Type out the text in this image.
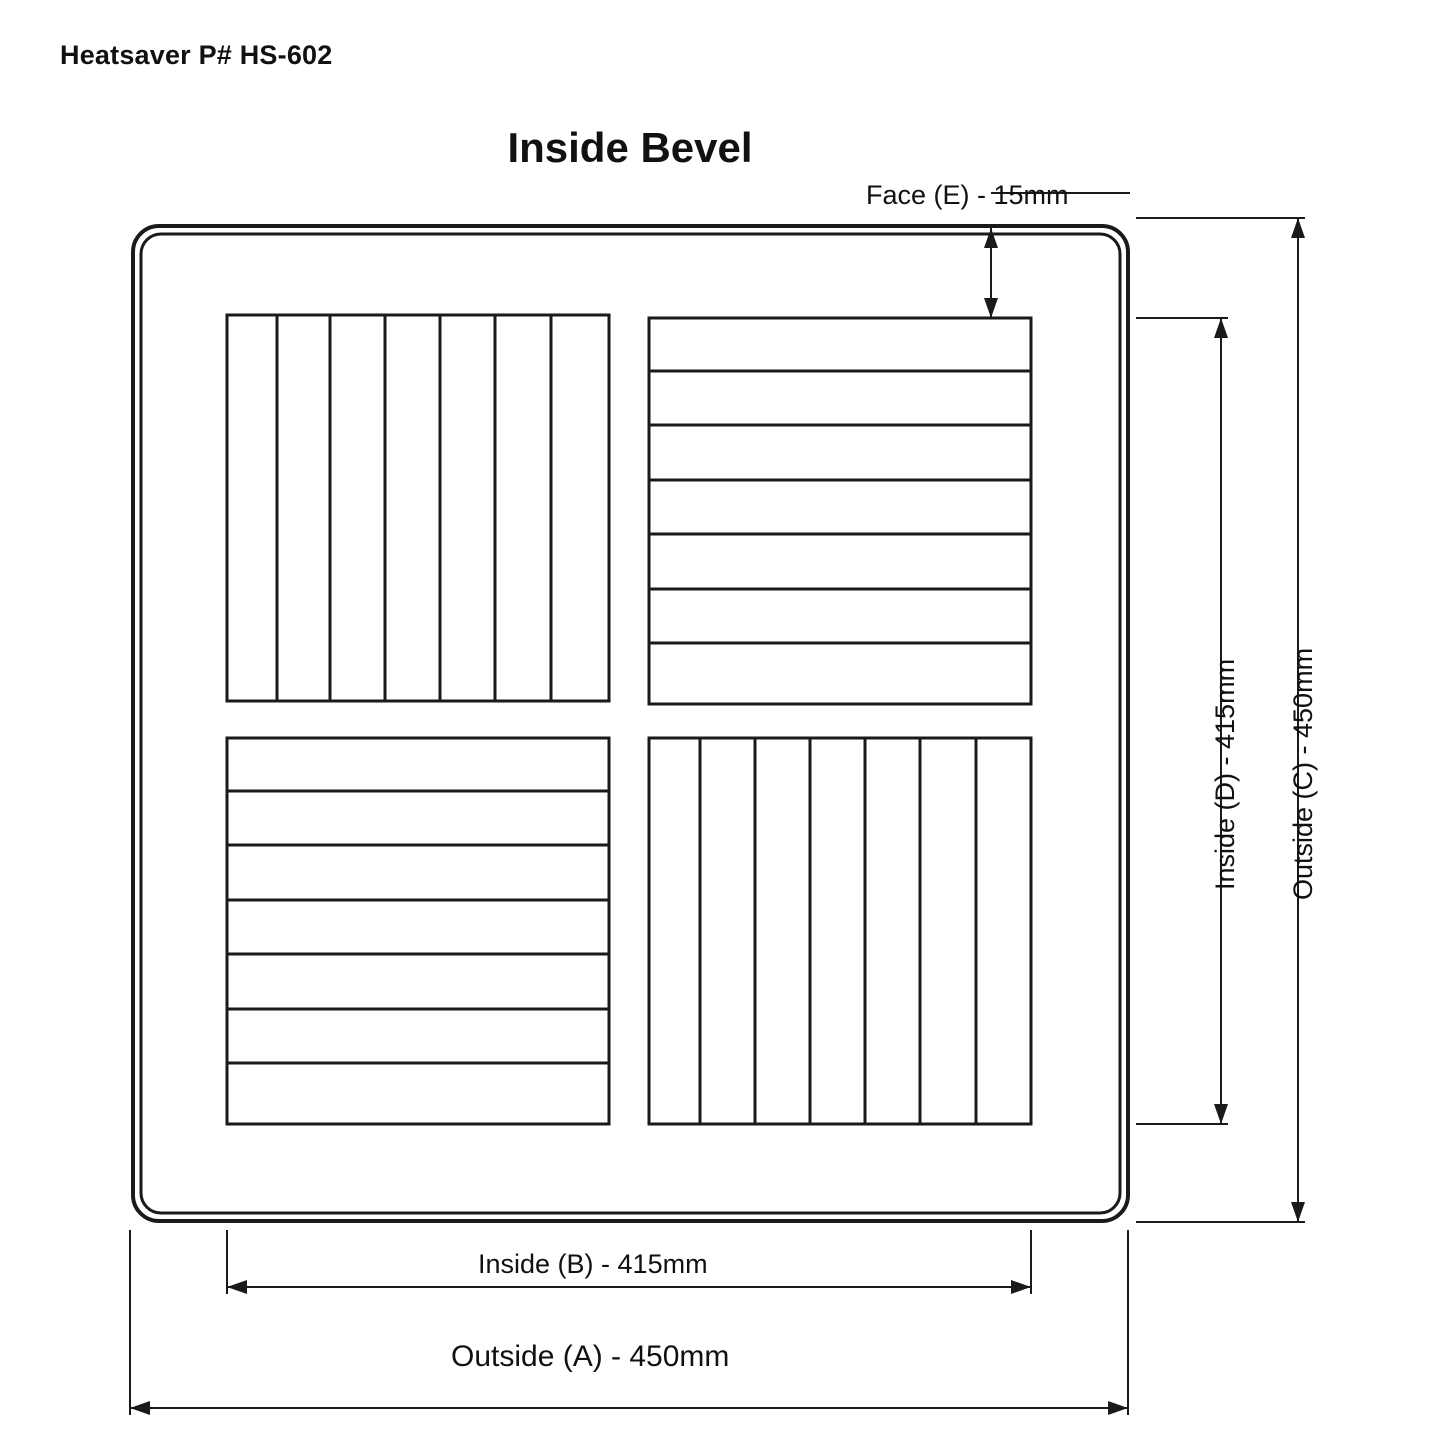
Heatsaver P# HS-602
Inside Bevel
Face (E) - 15mm
Inside (D) - 415mm Outside (C) - 450mm
Inside (B) - 415mm
Outside (A) - 450mm
